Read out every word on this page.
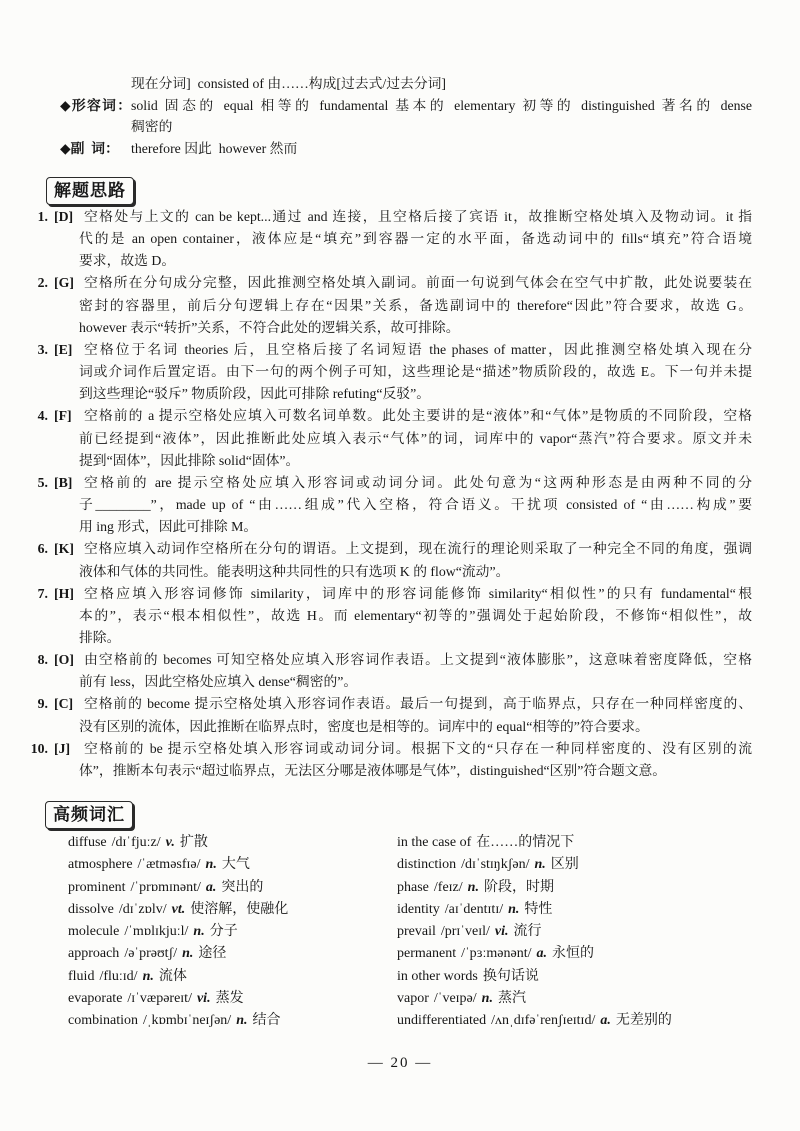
现在分词]  consisted of 由……构成[过去式/过去分词]
◆形容词：solid 固态的 equal 相等的 fundamental 基本的 elementary 初等的 distinguished 著名的 dense
稠密的
◆副  词： therefore 因此  however 然而
解题思路
1. [D] 空格处与上文的 can be kept...通过 and 连接，且空格后接了宾语 it，故推断空格处填入及物动词。it 指
代的是 an open container，液体应是“填充”到容器一定的水平面，备选动词中的 fills“填充”符合语境
要求，故选 D。
2. [G] 空格所在分句成分完整，因此推测空格处填入副词。前面一句说到气体会在空气中扩散，此处说要装在
密封的容器里，前后分句逻辑上存在“因果”关系，备选副词中的 therefore“因此”符合要求，故选 G。
however 表示“转折”关系，不符合此处的逻辑关系，故可排除。
3. [E] 空格位于名词 theories 后，且空格后接了名词短语 the phases of matter，因此推测空格处填入现在分
词或介词作后置定语。由下一句的两个例子可知，这些理论是“描述”物质阶段的，故选 E。下一句并未提
到这些理论“驳斥” 物质阶段，因此可排除 refuting“反驳”。
4. [F] 空格前的 a 提示空格处应填入可数名词单数。此处主要讲的是“液体”和“气体”是物质的不同阶段，空格
前已经提到“液体”，因此推断此处应填入表示“气体”的词，词库中的 vapor“蒸汽”符合要求。原文并未
提到“固体”，因此排除 solid“固体”。
5. [B] 空格前的 are 提示空格处应填入形容词或动词分词。此处句意为“这两种形态是由两种不同的分
子________”，made up of “由……组成”代入空格，符合语义。干扰项 consisted of “由……构成”要
用 ing 形式，因此可排除 M。
6. [K] 空格应填入动词作空格所在分句的谓语。上文提到，现在流行的理论则采取了一种完全不同的角度，强调
液体和气体的共同性。能表明这种共同性的只有选项 K 的 flow“流动”。
7. [H] 空格应填入形容词修饰 similarity，词库中的形容词能修饰 similarity“相似性”的只有 fundamental“根
本的”，表示“根本相似性”，故选 H。而 elementary“初等的”强调处于起始阶段，不修饰“相似性”，故
排除。
8. [O] 由空格前的 becomes 可知空格处应填入形容词作表语。上文提到“液体膨胀”，这意味着密度降低，空格
前有 less，因此空格处应填入 dense“稠密的”。
9. [C] 空格前的 become 提示空格处填入形容词作表语。最后一句提到，高于临界点，只存在一种同样密度的、
没有区别的流体，因此推断在临界点时，密度也是相等的。词库中的 equal“相等的”符合要求。
10. [J]	空格前的 be 提示空格处填入形容词或动词分词。根据下文的“只存在一种同样密度的、没有区别的流
体”，推断本句表示“超过临界点，无法区分哪是液体哪是气体”，distinguished“区别”符合题文意。
高频词汇
diffuse /dɪˈfjuːz/ v. 扩散
atmosphere /ˈætməsfɪə/ n. 大气
prominent /ˈprɒmɪnənt/ a. 突出的
dissolve /dɪˈzɒlv/ vt. 使溶解，使融化
molecule /ˈmɒlɪkjuːl/ n. 分子
approach /əˈprəʊtʃ/ n. 途径
fluid /fluːɪd/ n. 流体
evaporate /ɪˈvæpəreɪt/ vi. 蒸发
combination /ˌkɒmbɪˈneɪʃən/ n. 结合
in the case of 在……的情况下
distinction /dɪˈstɪŋkʃən/ n. 区别
phase /feɪz/ n. 阶段，时期
identity /aɪˈdentɪtɪ/ n. 特性
prevail /prɪˈveɪl/ vi. 流行
permanent /ˈpɜːmənənt/ a. 永恒的
in other words 换句话说
vapor /ˈveɪpə/ n. 蒸汽
undifferentiated /ʌnˌdɪfəˈrenʃɪeɪtɪd/ a. 无差别的
— 20 —
